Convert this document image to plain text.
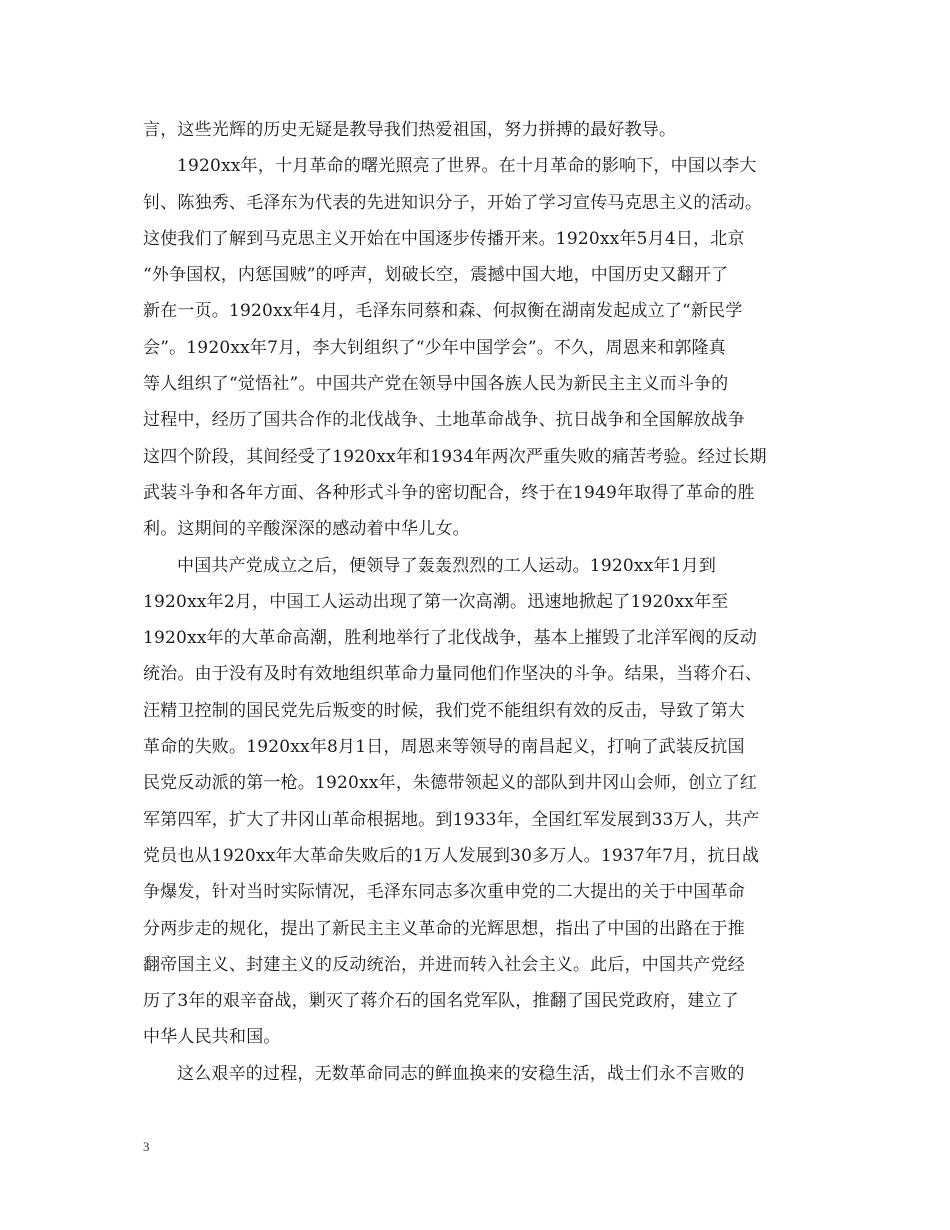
言，这些光辉的历史无疑是教导我们热爱祖国，努力拼搏的最好教导。
1920xx年，十月革命的曙光照亮了世界。在十月革命的影响下，中国以李大
钊、陈独秀、毛泽东为代表的先进知识分子，开始了学习宣传马克思主义的活动。
这使我们了解到马克思主义开始在中国逐步传播开来。1920xx年5月4日，北京
“外争国权，内惩国贼”的呼声，划破长空，震撼中国大地，中国历史又翻开了
新在一页。1920xx年4月，毛泽东同蔡和森、何叔衡在湖南发起成立了“新民学
会”。1920xx年7月，李大钊组织了“少年中国学会”。不久，周恩来和郭隆真
等人组织了“觉悟社”。中国共产党在领导中国各族人民为新民主主义而斗争的
过程中，经历了国共合作的北伐战争、土地革命战争、抗日战争和全国解放战争
这四个阶段，其间经受了1920xx年和1934年两次严重失败的痛苦考验。经过长期
武装斗争和各年方面、各种形式斗争的密切配合，终于在1949年取得了革命的胜
利。这期间的辛酸深深的感动着中华儿女。
中国共产党成立之后，便领导了轰轰烈烈的工人运动。1920xx年1月到
1920xx年2月，中国工人运动出现了第一次高潮。迅速地掀起了1920xx年至
1920xx年的大革命高潮，胜利地举行了北伐战争，基本上摧毁了北洋军阀的反动
统治。由于没有及时有效地组织革命力量同他们作坚决的斗争。结果，当蒋介石、
汪精卫控制的国民党先后叛变的时候，我们党不能组织有效的反击，导致了第大
革命的失败。1920xx年8月1日，周恩来等领导的南昌起义，打响了武装反抗国
民党反动派的第一枪。1920xx年，朱德带领起义的部队到井冈山会师，创立了红
军第四军，扩大了井冈山革命根据地。到1933年，全国红军发展到33万人，共产
党员也从1920xx年大革命失败后的1万人发展到30多万人。1937年7月，抗日战
争爆发，针对当时实际情况，毛泽东同志多次重申党的二大提出的关于中国革命
分两步走的规化，提出了新民主主义革命的光辉思想，指出了中国的出路在于推
翻帝国主义、封建主义的反动统治，并进而转入社会主义。此后，中国共产党经
历了3年的艰辛奋战，剿灭了蒋介石的国名党军队，推翻了国民党政府，建立了
中华人民共和国。
这么艰辛的过程，无数革命同志的鲜血换来的安稳生活，战士们永不言败的
3
